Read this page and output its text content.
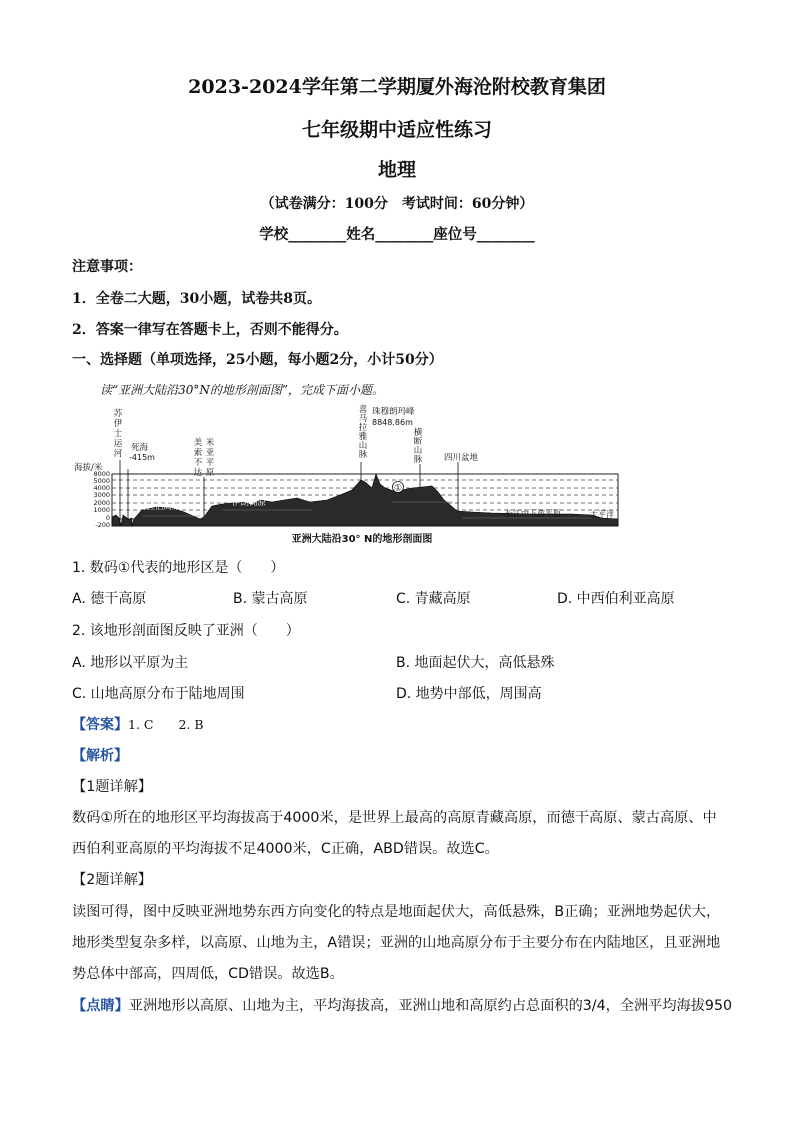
2023-2024学年第二学期厦外海沧附校教育集团
七年级期中适应性练习
地理
（试卷满分：100分　考试时间：60分钟）
学校________姓名________座位号________
注意事项：
1．全卷二大题，30小题，试卷共8页。
2．答案一律写在答题卡上，否则不能得分。
一、选择题（单项选择，25小题，每小题2分，小计50分）
读“亚洲大陆沿30°N的地形剖面图”，完成下面小题。
阿拉伯高原	伊朗高原
长江中下游平原	太平洋
①
苏
伊
士
运
河
美
索
不
达
米
亚
平
原
喜
马
拉
雅
山
脉
横
断
山
脉
死海
-415m
珠穆朗玛峰
8848.86m
四川盆地
海拔/米
8000
5000
4000
3000
2000
1000
0
-200
亚洲大陆沿30° N的地形剖面图
1. 数码①代表的地形区是（　　）
A. 德干高原	B. 蒙古高原	C. 青藏高原	D. 中西伯利亚高原
2. 该地形剖面图反映了亚洲（　　）
A. 地形以平原为主	B. 地面起伏大，高低悬殊
C. 山地高原分布于陆地周围	D. 地势中部低，周围高
【答案】1. C　　2. B
【解析】
【1题详解】
数码①所在的地形区平均海拔高于4000米，是世界上最高的高原青藏高原，而德干高原、蒙古高原、中
西伯利亚高原的平均海拔不足4000米，C正确，ABD错误。故选C。
【2题详解】
读图可得，图中反映亚洲地势东西方向变化的特点是地面起伏大，高低悬殊，B正确；亚洲地势起伏大，
地形类型复杂多样，以高原、山地为主，A错误；亚洲的山地高原分布于主要分布在内陆地区，且亚洲地
势总体中部高，四周低，CD错误。故选B。
【点睛】亚洲地形以高原、山地为主，平均海拔高，亚洲山地和高原约占总面积的3/4，全洲平均海拔950
